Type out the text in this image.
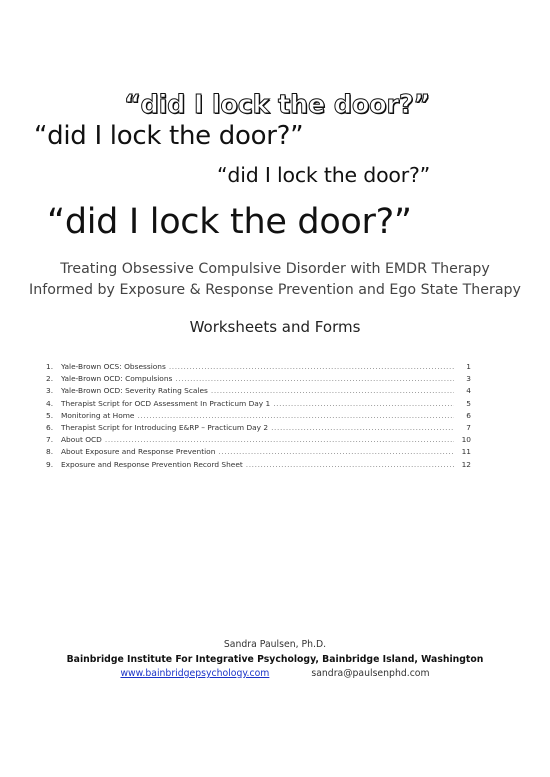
“did I lock the door?”
“did I lock the door?”
“did I lock the door?”
“did I lock the door?”
Treating Obsessive Compulsive Disorder with EMDR Therapy
Informed by Exposure & Response Prevention and Ego State Therapy
Worksheets and Forms
1.	Yale-Brown OCS: Obsessions .....	1
2.	Yale-Brown OCD: Compulsions .....	3
3.	Yale-Brown OCD: Severity Rating Scales .....	4
4.	Therapist Script for OCD Assessment In Practicum Day 1 .....	5
5.	Monitoring at Home .....	6
6.	Therapist Script for Introducing E&RP – Practicum Day 2 .....	7
7.	About OCD .....	10
8.	About Exposure and Response Prevention .....	11
9.	Exposure and Response Prevention Record Sheet .....	12
Sandra Paulsen, Ph.D.
Bainbridge Institute For Integrative Psychology, Bainbridge Island, Washington
www.bainbridgepsychology.com	sandra@paulsenphd.com
